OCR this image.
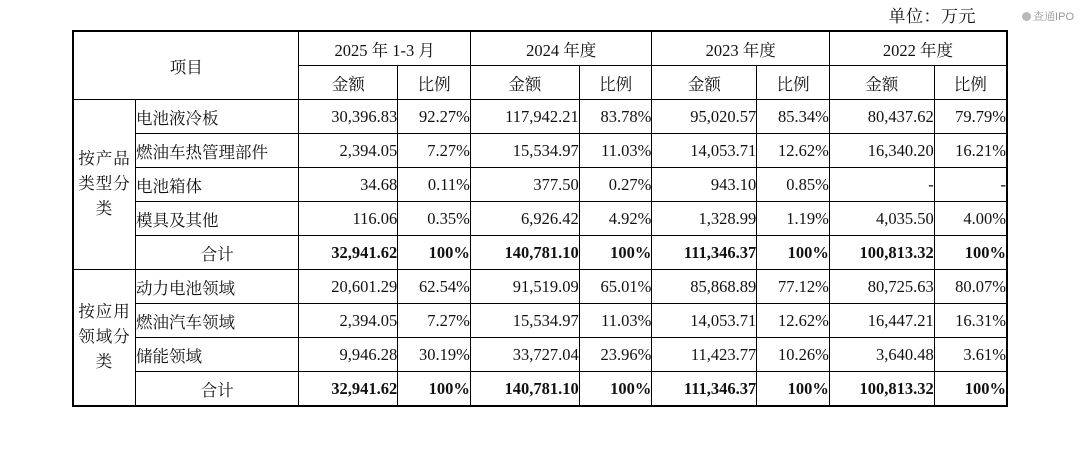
单位：万元	查通IPO
项目		2025 年 1-3 月		2024 年度		2023 年度		2022 年度	
		金额	比例	金额	比例	金额	比例	金额	比例
按产品类型分类	电池液冷板	30,396.83	92.27%	117,942.21	83.78%	95,020.57	85.34%	80,437.62	79.79%
	燃油车热管理部件	2,394.05	7.27%	15,534.97	11.03%	14,053.71	12.62%	16,340.20	16.21%
	电池箱体	34.68	0.11%	377.50	0.27%	943.10	0.85%	-	-
	模具及其他	116.06	0.35%	6,926.42	4.92%	1,328.99	1.19%	4,035.50	4.00%
	合计	32,941.62	100%	140,781.10	100%	111,346.37	100%	100,813.32	100%
按应用领域分类	动力电池领域	20,601.29	62.54%	91,519.09	65.01%	85,868.89	77.12%	80,725.63	80.07%
	燃油汽车领域	2,394.05	7.27%	15,534.97	11.03%	14,053.71	12.62%	16,447.21	16.31%
	储能领域	9,946.28	30.19%	33,727.04	23.96%	11,423.77	10.26%	3,640.48	3.61%
	合计	32,941.62	100%	140,781.10	100%	111,346.37	100%	100,813.32	100%
